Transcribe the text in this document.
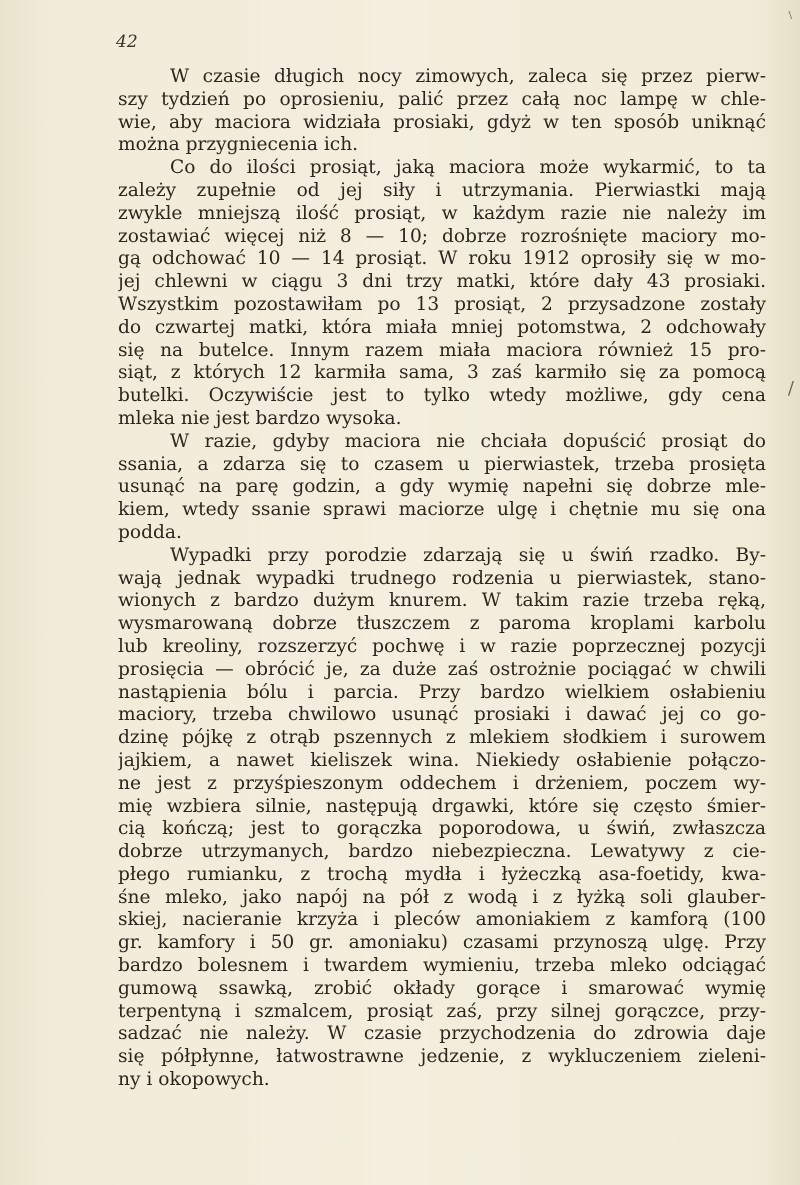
\
42
/
W czasie długich nocy zimowych, zaleca się przez pierw-
szy tydzień po oprosieniu, palić przez całą noc lampę w chle-
wie, aby maciora widziała prosiaki, gdyż w ten sposób uniknąć
można przygniecenia ich.
Co do ilości prosiąt, jaką maciora może wykarmić, to ta
zależy zupełnie od jej siły i utrzymania. Pierwiastki mają
zwykle mniejszą ilość prosiąt, w każdym razie nie należy im
zostawiać więcej niż 8 — 10; dobrze rozrośnięte maciory mo-
gą odchować 10 — 14 prosiąt. W roku 1912 oprosiły się w mo-
jej chlewni w ciągu 3 dni trzy matki, które dały 43 prosiaki.
Wszystkim pozostawiłam po 13 prosiąt, 2 przysadzone zostały
do czwartej matki, która miała mniej potomstwa, 2 odchowały
się na butelce. Innym razem miała maciora również 15 pro-
siąt, z których 12 karmiła sama, 3 zaś karmiło się za pomocą
butelki. Oczywiście jest to tylko wtedy możliwe, gdy cena
mleka nie jest bardzo wysoka.
W razie, gdyby maciora nie chciała dopuścić prosiąt do
ssania, a zdarza się to czasem u pierwiastek, trzeba prosięta
usunąć na parę godzin, a gdy wymię napełni się dobrze mle-
kiem, wtedy ssanie sprawi maciorze ulgę i chętnie mu się ona
podda.
Wypadki przy porodzie zdarzają się u świń rzadko. By-
wają jednak wypadki trudnego rodzenia u pierwiastek, stano-
wionych z bardzo dużym knurem. W takim razie trzeba ręką,
wysmarowaną dobrze tłuszczem z paroma kroplami karbolu
lub kreoliny, rozszerzyć pochwę i w razie poprzecznej pozycji
prosięcia — obrócić je, za duże zaś ostrożnie pociągać w chwili
nastąpienia bólu i parcia. Przy bardzo wielkiem osłabieniu
maciory, trzeba chwilowo usunąć prosiaki i dawać jej co go-
dzinę pójkę z otrąb pszennych z mlekiem słodkiem i surowem
jajkiem, a nawet kieliszek wina. Niekiedy osłabienie połączo-
ne jest z przyśpieszonym oddechem i drżeniem, poczem wy-
mię wzbiera silnie, następują drgawki, które się często śmier-
cią kończą; jest to gorączka poporodowa, u świń, zwłaszcza
dobrze utrzymanych, bardzo niebezpieczna. Lewatywy z cie-
płego rumianku, z trochą mydła i łyżeczką asa-foetidy, kwa-
śne mleko, jako napój na pół z wodą i z łyżką soli glauber-
skiej, nacieranie krzyża i pleców amoniakiem z kamforą (100
gr. kamfory i 50 gr. amoniaku) czasami przynoszą ulgę. Przy
bardzo bolesnem i twardem wymieniu, trzeba mleko odciągać
gumową ssawką, zrobić okłady gorące i smarować wymię
terpentyną i szmalcem, prosiąt zaś, przy silnej gorączce, przy-
sadzać nie należy. W czasie przychodzenia do zdrowia daje
się półpłynne, łatwostrawne jedzenie, z wykluczeniem zieleni-
ny i okopowych.
